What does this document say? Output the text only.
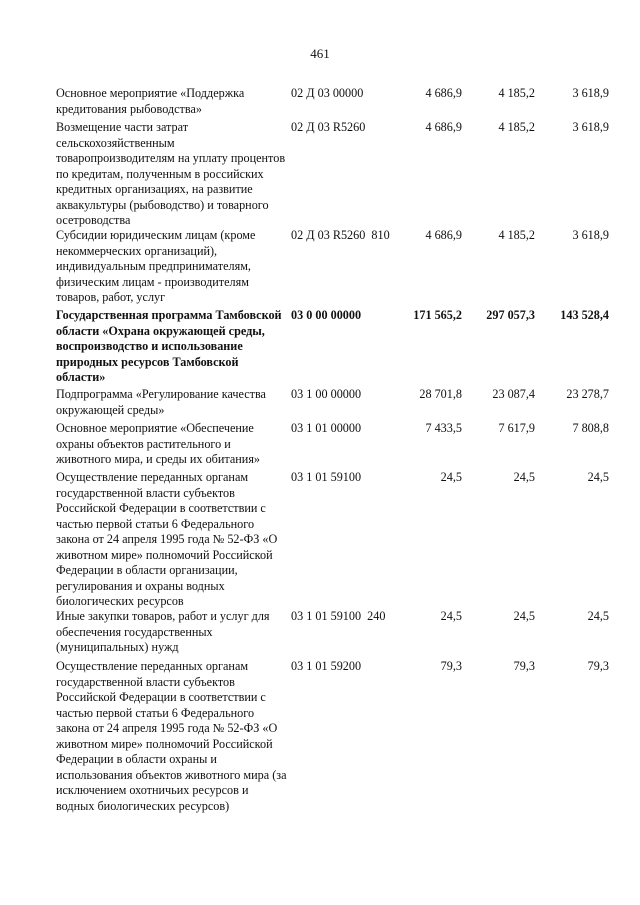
461
Основное мероприятие «Поддержка кредитования рыбоводства»
02 Д 03 00000	4 686,9	4 185,2	3 618,9
Возмещение части затрат сельскохозяйственным товаропроизводителям на уплату процентов по кредитам, полученным в российских кредитных организациях, на развитие аквакультуры (рыбоводство) и товарного осетроводства
02 Д 03 R5260	4 686,9	4 185,2	3 618,9
Субсидии юридическим лицам (кроме некоммерческих организаций), индивидуальным предпринимателям, физическим лицам - производителям товаров, работ, услуг
02 Д 03 R5260  810	4 686,9	4 185,2	3 618,9
Государственная программа Тамбовской области «Охрана окружающей среды, воспроизводство и использование природных ресурсов Тамбовской области»
03 0 00 00000	171 565,2	297 057,3	143 528,4
Подпрограмма «Регулирование качества окружающей среды»
03 1 00 00000	28 701,8	23 087,4	23 278,7
Основное мероприятие «Обеспечение охраны объектов растительного и животного мира, и среды их обитания»
03 1 01 00000	7 433,5	7 617,9	7 808,8
Осуществление переданных органам государственной власти субъектов Российской Федерации в соответствии с частью первой статьи 6 Федерального закона от 24 апреля 1995 года № 52-ФЗ «О животном мире» полномочий Российской Федерации в области организации, регулирования и охраны водных биологических ресурсов
03 1 01 59100	24,5	24,5	24,5
Иные закупки товаров, работ и услуг для обеспечения государственных (муниципальных) нужд
03 1 01 59100  240	24,5	24,5	24,5
Осуществление переданных органам государственной власти субъектов Российской Федерации в соответствии с частью первой статьи 6 Федерального закона от 24 апреля 1995 года № 52-ФЗ «О животном мире» полномочий Российской Федерации в области охраны и использования объектов животного мира (за исключением охотничьих ресурсов и водных биологических ресурсов)
03 1 01 59200	79,3	79,3	79,3
